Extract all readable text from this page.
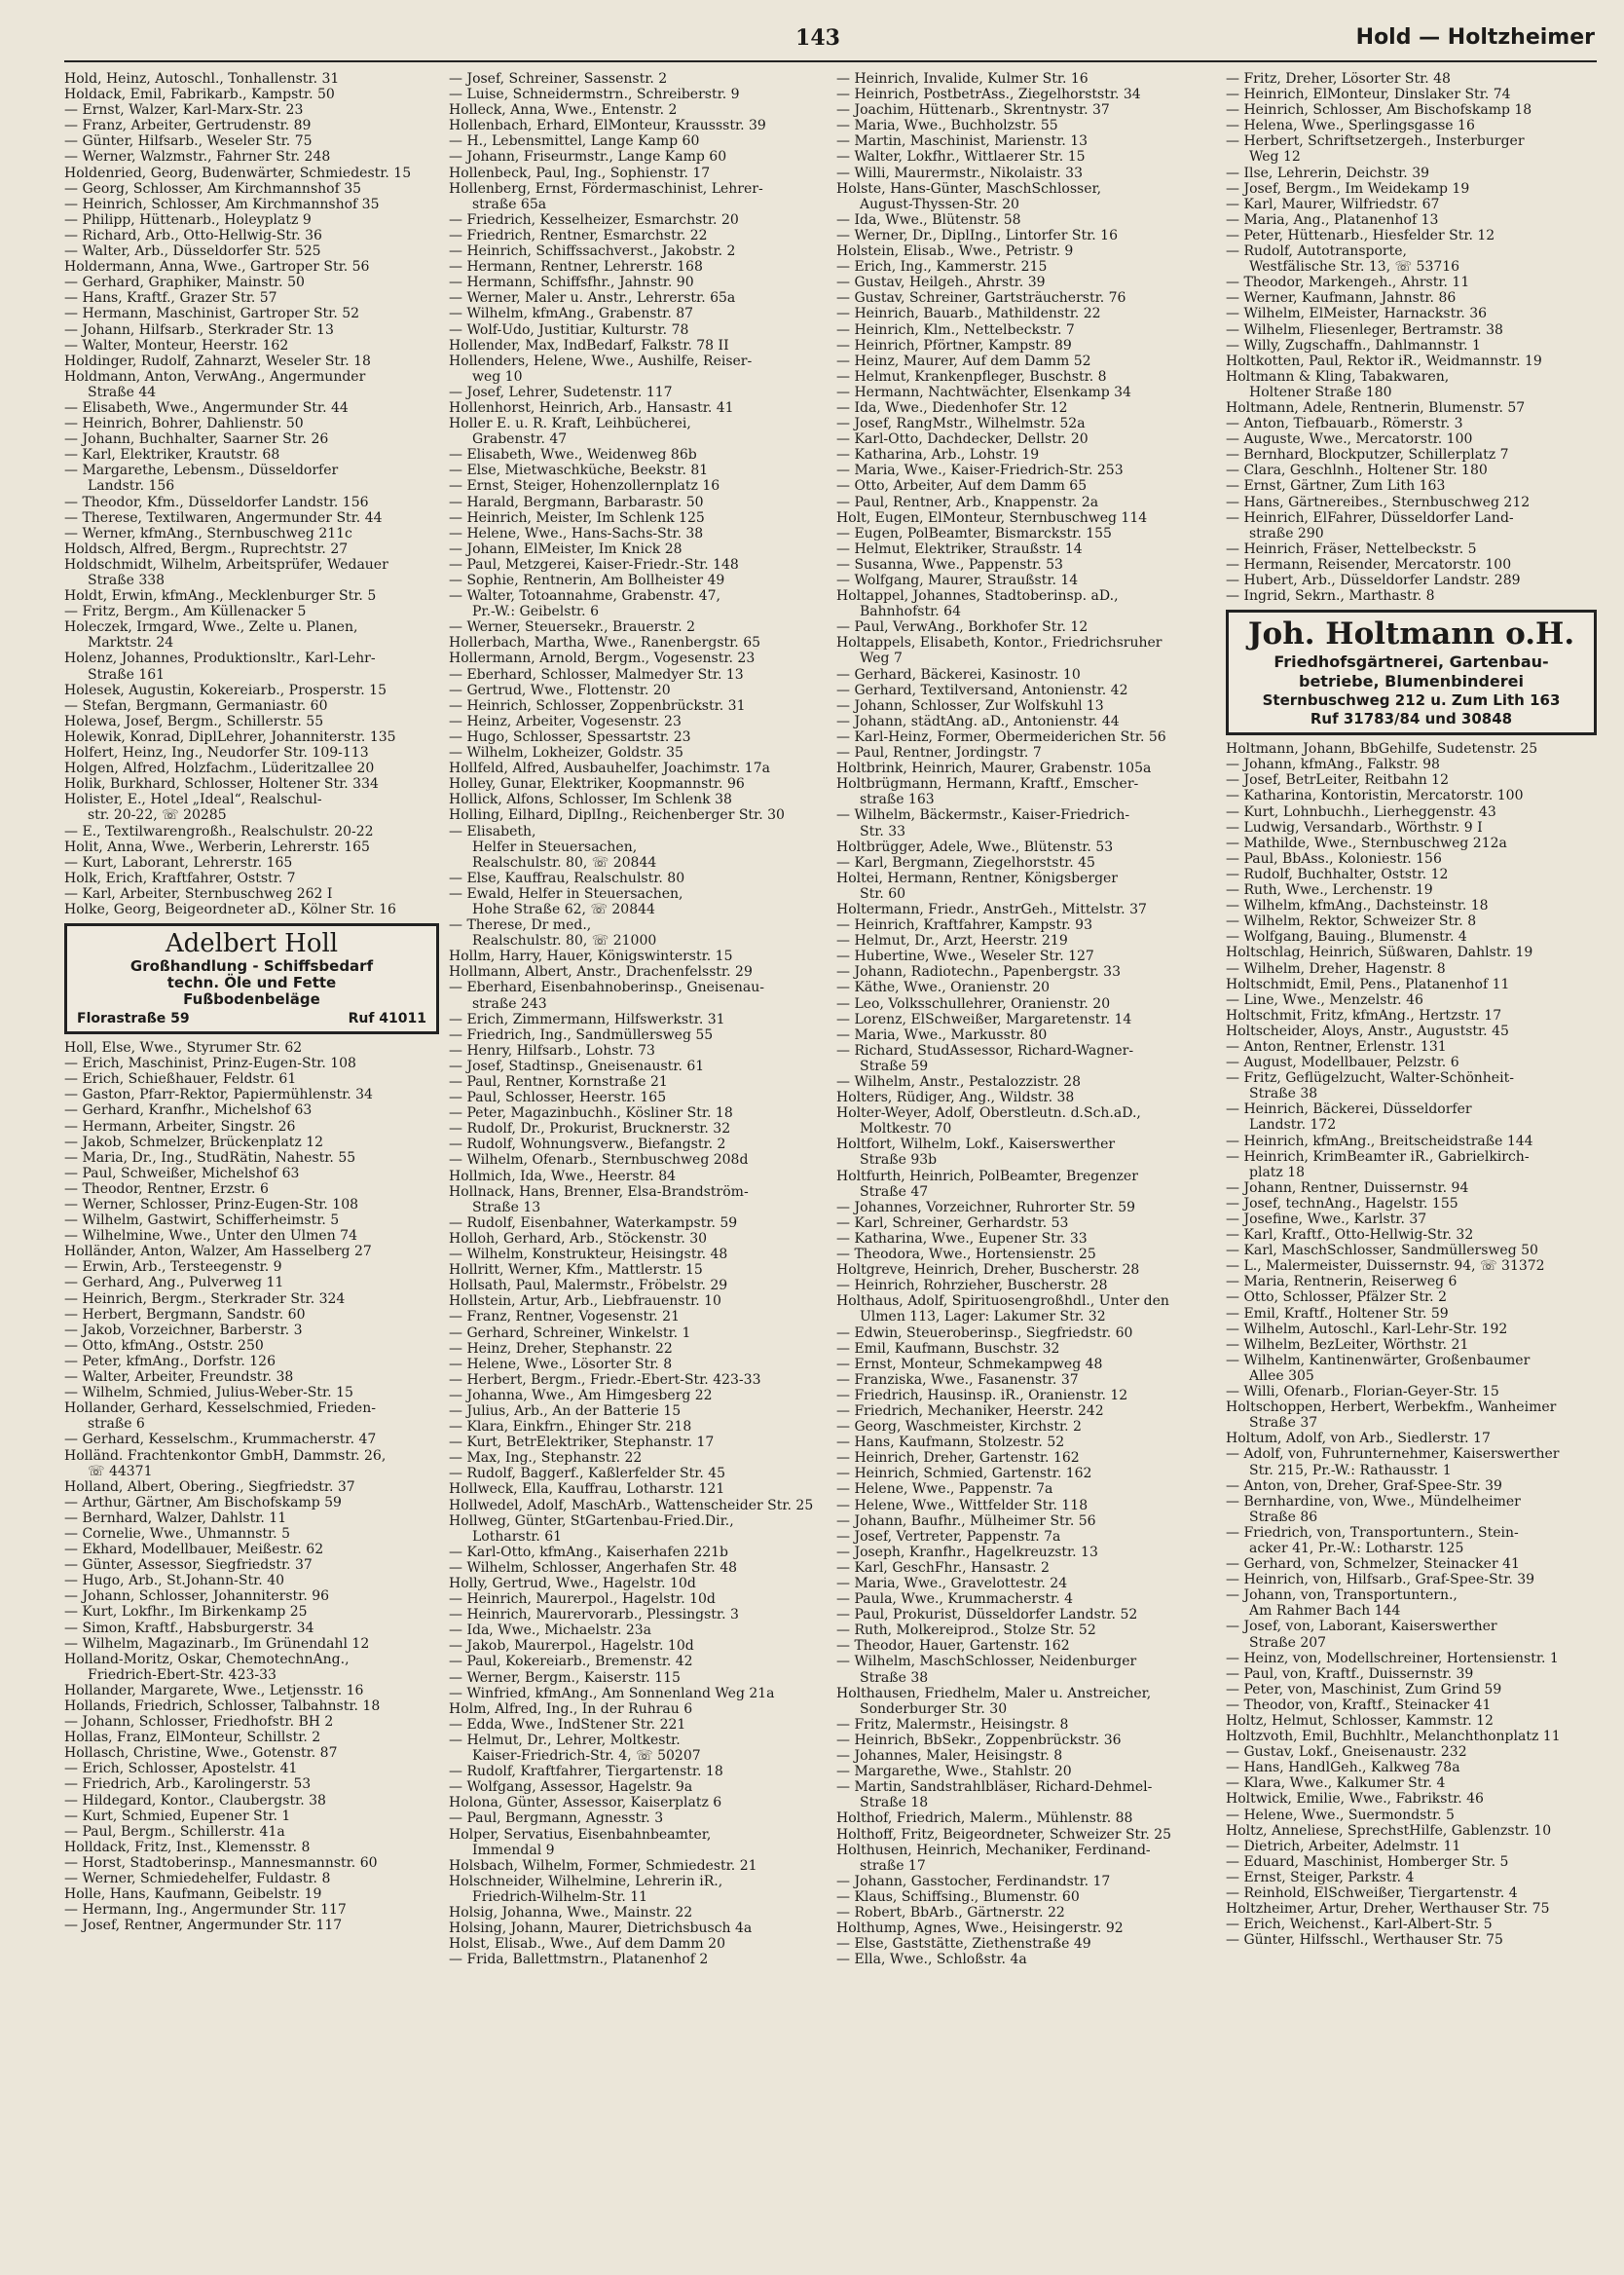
143	Hold — Holtzheimer
Hold, Heinz, Autoschl., Tonhallenstr. 31
Holdack, Emil, Fabrikarb., Kampstr. 50
— Ernst, Walzer, Karl-Marx-Str. 23
— Franz, Arbeiter, Gertrudenstr. 89
— Günter, Hilfsarb., Weseler Str. 75
— Werner, Walzmstr., Fahrner Str. 248
Holdenried, Georg, Budenwärter, Schmiedestr. 15
— Georg, Schlosser, Am Kirchmannshof 35
— Heinrich, Schlosser, Am Kirchmannshof 35
— Philipp, Hüttenarb., Holeyplatz 9
— Richard, Arb., Otto-Hellwig-Str. 36
— Walter, Arb., Düsseldorfer Str. 525
Holdermann, Anna, Wwe., Gartroper Str. 56
— Gerhard, Graphiker, Mainstr. 50
— Hans, Kraftf., Grazer Str. 57
— Hermann, Maschinist, Gartroper Str. 52
— Johann, Hilfsarb., Sterkrader Str. 13
— Walter, Monteur, Heerstr. 162
Holdinger, Rudolf, Zahnarzt, Weseler Str. 18
Holdmann, Anton, VerwAng., Angermunder
Straße 44
— Elisabeth, Wwe., Angermunder Str. 44
— Heinrich, Bohrer, Dahlienstr. 50
— Johann, Buchhalter, Saarner Str. 26
— Karl, Elektriker, Krautstr. 68
— Margarethe, Lebensm., Düsseldorfer
Landstr. 156
— Theodor, Kfm., Düsseldorfer Landstr. 156
— Therese, Textilwaren, Angermunder Str. 44
— Werner, kfmAng., Sternbuschweg 211c
Holdsch, Alfred, Bergm., Ruprechtstr. 27
Holdschmidt, Wilhelm, Arbeitsprüfer, Wedauer
Straße 338
Holdt, Erwin, kfmAng., Mecklenburger Str. 5
— Fritz, Bergm., Am Küllenacker 5
Holeczek, Irmgard, Wwe., Zelte u. Planen,
Marktstr. 24
Holenz, Johannes, Produktionsltr., Karl-Lehr-
Straße 161
Holesek, Augustin, Kokereiarb., Prosperstr. 15
— Stefan, Bergmann, Germaniastr. 60
Holewa, Josef, Bergm., Schillerstr. 55
Holewik, Konrad, DiplLehrer, Johanniterstr. 135
Holfert, Heinz, Ing., Neudorfer Str. 109-113
Holgen, Alfred, Holzfachm., Lüderitzallee 20
Holik, Burkhard, Schlosser, Holtener Str. 334
Holister, E., Hotel „Ideal“, Realschul-
str. 20-22, ☏ 20285
— E., Textilwarengroßh., Realschulstr. 20-22
Holit, Anna, Wwe., Werberin, Lehrerstr. 165
— Kurt, Laborant, Lehrerstr. 165
Holk, Erich, Kraftfahrer, Oststr. 7
— Karl, Arbeiter, Sternbuschweg 262 I
Holke, Georg, Beigeordneter aD., Kölner Str. 16
Adelbert Holl
Großhandlung - Schiffsbedarf
techn. Öle und Fette
Fußbodenbeläge
Florastraße 59	Ruf 41011
Holl, Else, Wwe., Styrumer Str. 62
— Erich, Maschinist, Prinz-Eugen-Str. 108
— Erich, Schießhauer, Feldstr. 61
— Gaston, Pfarr-Rektor, Papiermühlenstr. 34
— Gerhard, Kranfhr., Michelshof 63
— Hermann, Arbeiter, Singstr. 26
— Jakob, Schmelzer, Brückenplatz 12
— Maria, Dr., Ing., StudRätin, Nahestr. 55
— Paul, Schweißer, Michelshof 63
— Theodor, Rentner, Erzstr. 6
— Werner, Schlosser, Prinz-Eugen-Str. 108
— Wilhelm, Gastwirt, Schifferheimstr. 5
— Wilhelmine, Wwe., Unter den Ulmen 74
Holländer, Anton, Walzer, Am Hasselberg 27
— Erwin, Arb., Tersteegenstr. 9
— Gerhard, Ang., Pulverweg 11
— Heinrich, Bergm., Sterkrader Str. 324
— Herbert, Bergmann, Sandstr. 60
— Jakob, Vorzeichner, Barberstr. 3
— Otto, kfmAng., Oststr. 250
— Peter, kfmAng., Dorfstr. 126
— Walter, Arbeiter, Freundstr. 38
— Wilhelm, Schmied, Julius-Weber-Str. 15
Hollander, Gerhard, Kesselschmied, Frieden-
straße 6
— Gerhard, Kesselschm., Krummacherstr. 47
Holländ. Frachtenkontor GmbH, Dammstr. 26,
☏ 44371
Holland, Albert, Obering., Siegfriedstr. 37
— Arthur, Gärtner, Am Bischofskamp 59
— Bernhard, Walzer, Dahlstr. 11
— Cornelie, Wwe., Uhmannstr. 5
— Ekhard, Modellbauer, Meißestr. 62
— Günter, Assessor, Siegfriedstr. 37
— Hugo, Arb., St.Johann-Str. 40
— Johann, Schlosser, Johanniterstr. 96
— Kurt, Lokfhr., Im Birkenkamp 25
— Simon, Kraftf., Habsburgerstr. 34
— Wilhelm, Magazinarb., Im Grünendahl 12
Holland-Moritz, Oskar, ChemotechnAng.,
Friedrich-Ebert-Str. 423-33
Hollander, Margarete, Wwe., Letjensstr. 16
Hollands, Friedrich, Schlosser, Talbahnstr. 18
— Johann, Schlosser, Friedhofstr. BH 2
Hollas, Franz, ElMonteur, Schillstr. 2
Hollasch, Christine, Wwe., Gotenstr. 87
— Erich, Schlosser, Apostelstr. 41
— Friedrich, Arb., Karolingerstr. 53
— Hildegard, Kontor., Claubergstr. 38
— Kurt, Schmied, Eupener Str. 1
— Paul, Bergm., Schillerstr. 41a
Holldack, Fritz, Inst., Klemensstr. 8
— Horst, Stadtoberinsp., Mannesmannstr. 60
— Werner, Schmiedehelfer, Fuldastr. 8
Holle, Hans, Kaufmann, Geibelstr. 19
— Hermann, Ing., Angermunder Str. 117
— Josef, Rentner, Angermunder Str. 117
— Josef, Schreiner, Sassenstr. 2
— Luise, Schneidermstrn., Schreiberstr. 9
Holleck, Anna, Wwe., Entenstr. 2
Hollenbach, Erhard, ElMonteur, Kraussstr. 39
— H., Lebensmittel, Lange Kamp 60
— Johann, Friseurmstr., Lange Kamp 60
Hollenbeck, Paul, Ing., Sophienstr. 17
Hollenberg, Ernst, Fördermaschinist, Lehrer-
straße 65a
— Friedrich, Kesselheizer, Esmarchstr. 20
— Friedrich, Rentner, Esmarchstr. 22
— Heinrich, Schiffssachverst., Jakobstr. 2
— Hermann, Rentner, Lehrerstr. 168
— Hermann, Schiffsfhr., Jahnstr. 90
— Werner, Maler u. Anstr., Lehrerstr. 65a
— Wilhelm, kfmAng., Grabenstr. 87
— Wolf-Udo, Justitiar, Kulturstr. 78
Hollender, Max, IndBedarf, Falkstr. 78 II
Hollenders, Helene, Wwe., Aushilfe, Reiser-
weg 10
— Josef, Lehrer, Sudetenstr. 117
Hollenhorst, Heinrich, Arb., Hansastr. 41
Holler E. u. R. Kraft, Leihbücherei,
Grabenstr. 47
— Elisabeth, Wwe., Weidenweg 86b
— Else, Mietwaschküche, Beekstr. 81
— Ernst, Steiger, Hohenzollernplatz 16
— Harald, Bergmann, Barbarastr. 50
— Heinrich, Meister, Im Schlenk 125
— Helene, Wwe., Hans-Sachs-Str. 38
— Johann, ElMeister, Im Knick 28
— Paul, Metzgerei, Kaiser-Friedr.-Str. 148
— Sophie, Rentnerin, Am Bollheister 49
— Walter, Totoannahme, Grabenstr. 47,
Pr.-W.: Geibelstr. 6
— Werner, Steuersekr., Brauerstr. 2
Hollerbach, Martha, Wwe., Ranenbergstr. 65
Hollermann, Arnold, Bergm., Vogesenstr. 23
— Eberhard, Schlosser, Malmedyer Str. 13
— Gertrud, Wwe., Flottenstr. 20
— Heinrich, Schlosser, Zoppenbrückstr. 31
— Heinz, Arbeiter, Vogesenstr. 23
— Hugo, Schlosser, Spessartstr. 23
— Wilhelm, Lokheizer, Goldstr. 35
Hollfeld, Alfred, Ausbauhelfer, Joachimstr. 17a
Holley, Gunar, Elektriker, Koopmannstr. 96
Hollick, Alfons, Schlosser, Im Schlenk 38
Holling, Eilhard, DiplIng., Reichenberger Str. 30
— Elisabeth,
Helfer in Steuersachen,
Realschulstr. 80, ☏ 20844
— Else, Kauffrau, Realschulstr. 80
— Ewald, Helfer in Steuersachen,
Hohe Straße 62, ☏ 20844
— Therese, Dr med.,
Realschulstr. 80, ☏ 21000
Hollm, Harry, Hauer, Königswinterstr. 15
Hollmann, Albert, Anstr., Drachenfelsstr. 29
— Eberhard, Eisenbahnoberinsp., Gneisenau-
straße 243
— Erich, Zimmermann, Hilfswerkstr. 31
— Friedrich, Ing., Sandmüllersweg 55
— Henry, Hilfsarb., Lohstr. 73
— Josef, Stadtinsp., Gneisenaustr. 61
— Paul, Rentner, Kornstraße 21
— Paul, Schlosser, Heerstr. 165
— Peter, Magazinbuchh., Kösliner Str. 18
— Rudolf, Dr., Prokurist, Brucknerstr. 32
— Rudolf, Wohnungsverw., Biefangstr. 2
— Wilhelm, Ofenarb., Sternbuschweg 208d
Hollmich, Ida, Wwe., Heerstr. 84
Hollnack, Hans, Brenner, Elsa-Brandström-
Straße 13
— Rudolf, Eisenbahner, Waterkampstr. 59
Holloh, Gerhard, Arb., Stöckenstr. 30
— Wilhelm, Konstrukteur, Heisingstr. 48
Hollritt, Werner, Kfm., Mattlerstr. 15
Hollsath, Paul, Malermstr., Fröbelstr. 29
Hollstein, Artur, Arb., Liebfrauenstr. 10
— Franz, Rentner, Vogesenstr. 21
— Gerhard, Schreiner, Winkelstr. 1
— Heinz, Dreher, Stephanstr. 22
— Helene, Wwe., Lösorter Str. 8
— Herbert, Bergm., Friedr.-Ebert-Str. 423-33
— Johanna, Wwe., Am Himgesberg 22
— Julius, Arb., An der Batterie 15
— Klara, Einkfrn., Ehinger Str. 218
— Kurt, BetrElektriker, Stephanstr. 17
— Max, Ing., Stephanstr. 22
— Rudolf, Baggerf., Kaßlerfelder Str. 45
Hollweck, Ella, Kauffrau, Lotharstr. 121
Hollwedel, Adolf, MaschArb., Wattenscheider Str. 25
Hollweg, Günter, StGartenbau-Fried.Dir.,
Lotharstr. 61
— Karl-Otto, kfmAng., Kaiserhafen 221b
— Wilhelm, Schlosser, Angerhafen Str. 48
Holly, Gertrud, Wwe., Hagelstr. 10d
— Heinrich, Maurerpol., Hagelstr. 10d
— Heinrich, Maurervorarb., Plessingstr. 3
— Ida, Wwe., Michaelstr. 23a
— Jakob, Maurerpol., Hagelstr. 10d
— Paul, Kokereiarb., Bremenstr. 42
— Werner, Bergm., Kaiserstr. 115
— Winfried, kfmAng., Am Sonnenland Weg 21a
Holm, Alfred, Ing., In der Ruhrau 6
— Edda, Wwe., IndStener Str. 221
— Helmut, Dr., Lehrer, Moltkestr.
Kaiser-Friedrich-Str. 4, ☏ 50207
— Rudolf, Kraftfahrer, Tiergartenstr. 18
— Wolfgang, Assessor, Hagelstr. 9a
Holona, Günter, Assessor, Kaiserplatz 6
— Paul, Bergmann, Agnesstr. 3
Holper, Servatius, Eisenbahnbeamter,
Immendal 9
Holsbach, Wilhelm, Former, Schmiedestr. 21
Holschneider, Wilhelmine, Lehrerin iR.,
Friedrich-Wilhelm-Str. 11
Holsig, Johanna, Wwe., Mainstr. 22
Holsing, Johann, Maurer, Dietrichsbusch 4a
Holst, Elisab., Wwe., Auf dem Damm 20
— Frida, Ballettmstrn., Platanenhof 2
— Heinrich, Invalide, Kulmer Str. 16
— Heinrich, PostbetrAss., Ziegelhorststr. 34
— Joachim, Hüttenarb., Skrentnystr. 37
— Maria, Wwe., Buchholzstr. 55
— Martin, Maschinist, Marienstr. 13
— Walter, Lokfhr., Wittlaerer Str. 15
— Willi, Maurermstr., Nikolaistr. 33
Holste, Hans-Günter, MaschSchlosser,
August-Thyssen-Str. 20
— Ida, Wwe., Blütenstr. 58
— Werner, Dr., DiplIng., Lintorfer Str. 16
Holstein, Elisab., Wwe., Petristr. 9
— Erich, Ing., Kammerstr. 215
— Gustav, Heilgeh., Ahrstr. 39
— Gustav, Schreiner, Gartsträucherstr. 76
— Heinrich, Bauarb., Mathildenstr. 22
— Heinrich, Klm., Nettelbeckstr. 7
— Heinrich, Pförtner, Kampstr. 89
— Heinz, Maurer, Auf dem Damm 52
— Helmut, Krankenpfleger, Buschstr. 8
— Hermann, Nachtwächter, Elsenkamp 34
— Ida, Wwe., Diedenhofer Str. 12
— Josef, RangMstr., Wilhelmstr. 52a
— Karl-Otto, Dachdecker, Dellstr. 20
— Katharina, Arb., Lohstr. 19
— Maria, Wwe., Kaiser-Friedrich-Str. 253
— Otto, Arbeiter, Auf dem Damm 65
— Paul, Rentner, Arb., Knappenstr. 2a
Holt, Eugen, ElMonteur, Sternbuschweg 114
— Eugen, PolBeamter, Bismarckstr. 155
— Helmut, Elektriker, Straußstr. 14
— Susanna, Wwe., Pappenstr. 53
— Wolfgang, Maurer, Straußstr. 14
Holtappel, Johannes, Stadtoberinsp. aD.,
Bahnhofstr. 64
— Paul, VerwAng., Borkhofer Str. 12
Holtappels, Elisabeth, Kontor., Friedrichsruher
Weg 7
— Gerhard, Bäckerei, Kasinostr. 10
— Gerhard, Textilversand, Antonienstr. 42
— Johann, Schlosser, Zur Wolfskuhl 13
— Johann, städtAng. aD., Antonienstr. 44
— Karl-Heinz, Former, Obermeiderichen Str. 56
— Paul, Rentner, Jordingstr. 7
Holtbrink, Heinrich, Maurer, Grabenstr. 105a
Holtbrügmann, Hermann, Kraftf., Emscher-
straße 163
— Wilhelm, Bäckermstr., Kaiser-Friedrich-
Str. 33
Holtbrügger, Adele, Wwe., Blütenstr. 53
— Karl, Bergmann, Ziegelhorststr. 45
Holtei, Hermann, Rentner, Königsberger
Str. 60
Holtermann, Friedr., AnstrGeh., Mittelstr. 37
— Heinrich, Kraftfahrer, Kampstr. 93
— Helmut, Dr., Arzt, Heerstr. 219
— Hubertine, Wwe., Weseler Str. 127
— Johann, Radiotechn., Papenbergstr. 33
— Käthe, Wwe., Oranienstr. 20
— Leo, Volksschullehrer, Oranienstr. 20
— Lorenz, ElSchweißer, Margaretenstr. 14
— Maria, Wwe., Markusstr. 80
— Richard, StudAssessor, Richard-Wagner-
Straße 59
— Wilhelm, Anstr., Pestalozzistr. 28
Holters, Rüdiger, Ang., Wildstr. 38
Holter-Weyer, Adolf, Oberstleutn. d.Sch.aD.,
Moltkestr. 70
Holtfort, Wilhelm, Lokf., Kaiserswerther
Straße 93b
Holtfurth, Heinrich, PolBeamter, Bregenzer
Straße 47
— Johannes, Vorzeichner, Ruhrorter Str. 59
— Karl, Schreiner, Gerhardstr. 53
— Katharina, Wwe., Eupener Str. 33
— Theodora, Wwe., Hortensienstr. 25
Holtgreve, Heinrich, Dreher, Buscherstr. 28
— Heinrich, Rohrzieher, Buscherstr. 28
Holthaus, Adolf, Spirituosengroßhdl., Unter den
Ulmen 113, Lager: Lakumer Str. 32
— Edwin, Steueroberinsp., Siegfriedstr. 60
— Emil, Kaufmann, Buschstr. 32
— Ernst, Monteur, Schmekampweg 48
— Franziska, Wwe., Fasanenstr. 37
— Friedrich, Hausinsp. iR., Oranienstr. 12
— Friedrich, Mechaniker, Heerstr. 242
— Georg, Waschmeister, Kirchstr. 2
— Hans, Kaufmann, Stolzestr. 52
— Heinrich, Dreher, Gartenstr. 162
— Heinrich, Schmied, Gartenstr. 162
— Helene, Wwe., Pappenstr. 7a
— Helene, Wwe., Wittfelder Str. 118
— Johann, Baufhr., Mülheimer Str. 56
— Josef, Vertreter, Pappenstr. 7a
— Joseph, Kranfhr., Hagelkreuzstr. 13
— Karl, GeschFhr., Hansastr. 2
— Maria, Wwe., Gravelottestr. 24
— Paula, Wwe., Krummacherstr. 4
— Paul, Prokurist, Düsseldorfer Landstr. 52
— Ruth, Molkereiprod., Stolze Str. 52
— Theodor, Hauer, Gartenstr. 162
— Wilhelm, MaschSchlosser, Neidenburger
Straße 38
Holthausen, Friedhelm, Maler u. Anstreicher,
Sonderburger Str. 30
— Fritz, Malermstr., Heisingstr. 8
— Heinrich, BbSekr., Zoppenbrückstr. 36
— Johannes, Maler, Heisingstr. 8
— Margarethe, Wwe., Stahlstr. 20
— Martin, Sandstrahlbläser, Richard-Dehmel-
Straße 18
Holthof, Friedrich, Malerm., Mühlenstr. 88
Holthoff, Fritz, Beigeordneter, Schweizer Str. 25
Holthusen, Heinrich, Mechaniker, Ferdinand-
straße 17
— Johann, Gasstocher, Ferdinandstr. 17
— Klaus, Schiffsing., Blumenstr. 60
— Robert, BbArb., Gärtnerstr. 22
Holthump, Agnes, Wwe., Heisingerstr. 92
— Else, Gaststätte, Ziethenstraße 49
— Ella, Wwe., Schloßstr. 4a
— Fritz, Dreher, Lösorter Str. 48
— Heinrich, ElMonteur, Dinslaker Str. 74
— Heinrich, Schlosser, Am Bischofskamp 18
— Helena, Wwe., Sperlingsgasse 16
— Herbert, Schriftsetzergeh., Insterburger
Weg 12
— Ilse, Lehrerin, Deichstr. 39
— Josef, Bergm., Im Weidekamp 19
— Karl, Maurer, Wilfriedstr. 67
— Maria, Ang., Platanenhof 13
— Peter, Hüttenarb., Hiesfelder Str. 12
— Rudolf, Autotransporte,
Westfälische Str. 13, ☏ 53716
— Theodor, Markengeh., Ahrstr. 11
— Werner, Kaufmann, Jahnstr. 86
— Wilhelm, ElMeister, Harnackstr. 36
— Wilhelm, Fliesenleger, Bertramstr. 38
— Willy, Zugschaffn., Dahlmannstr. 1
Holtkotten, Paul, Rektor iR., Weidmannstr. 19
Holtmann & Kling, Tabakwaren,
Holtener Straße 180
Holtmann, Adele, Rentnerin, Blumenstr. 57
— Anton, Tiefbauarb., Römerstr. 3
— Auguste, Wwe., Mercatorstr. 100
— Bernhard, Blockputzer, Schillerplatz 7
— Clara, Geschlnh., Holtener Str. 180
— Ernst, Gärtner, Zum Lith 163
— Hans, Gärtnereibes., Sternbuschweg 212
— Heinrich, ElFahrer, Düsseldorfer Land-
straße 290
— Heinrich, Fräser, Nettelbeckstr. 5
— Hermann, Reisender, Mercatorstr. 100
— Hubert, Arb., Düsseldorfer Landstr. 289
— Ingrid, Sekrn., Marthastr. 8
Joh. Holtmann o.H.
Friedhofsgärtnerei, Gartenbau-
betriebe, Blumenbinderei
Sternbuschweg 212 u. Zum Lith 163
Ruf 31783/84 und 30848
Holtmann, Johann, BbGehilfe, Sudetenstr. 25
— Johann, kfmAng., Falkstr. 98
— Josef, BetrLeiter, Reitbahn 12
— Katharina, Kontoristin, Mercatorstr. 100
— Kurt, Lohnbuchh., Lierheggenstr. 43
— Ludwig, Versandarb., Wörthstr. 9 I
— Mathilde, Wwe., Sternbuschweg 212a
— Paul, BbAss., Koloniestr. 156
— Rudolf, Buchhalter, Oststr. 12
— Ruth, Wwe., Lerchenstr. 19
— Wilhelm, kfmAng., Dachsteinstr. 18
— Wilhelm, Rektor, Schweizer Str. 8
— Wolfgang, Bauing., Blumenstr. 4
Holtschlag, Heinrich, Süßwaren, Dahlstr. 19
— Wilhelm, Dreher, Hagenstr. 8
Holtschmidt, Emil, Pens., Platanenhof 11
— Line, Wwe., Menzelstr. 46
Holtschmit, Fritz, kfmAng., Hertzstr. 17
Holtscheider, Aloys, Anstr., Auguststr. 45
— Anton, Rentner, Erlenstr. 131
— August, Modellbauer, Pelzstr. 6
— Fritz, Geflügelzucht, Walter-Schönheit-
Straße 38
— Heinrich, Bäckerei, Düsseldorfer
Landstr. 172
— Heinrich, kfmAng., Breitscheidstraße 144
— Heinrich, KrimBeamter iR., Gabrielkirch-
platz 18
— Johann, Rentner, Duissernstr. 94
— Josef, technAng., Hagelstr. 155
— Josefine, Wwe., Karlstr. 37
— Karl, Kraftf., Otto-Hellwig-Str. 32
— Karl, MaschSchlosser, Sandmüllersweg 50
— L., Malermeister, Duissernstr. 94, ☏ 31372
— Maria, Rentnerin, Reiserweg 6
— Otto, Schlosser, Pfälzer Str. 2
— Emil, Kraftf., Holtener Str. 59
— Wilhelm, Autoschl., Karl-Lehr-Str. 192
— Wilhelm, BezLeiter, Wörthstr. 21
— Wilhelm, Kantinenwärter, Großenbaumer
Allee 305
— Willi, Ofenarb., Florian-Geyer-Str. 15
Holtschoppen, Herbert, Werbekfm., Wanheimer
Straße 37
Holtum, Adolf, von Arb., Siedlerstr. 17
— Adolf, von, Fuhrunternehmer, Kaiserswerther
Str. 215, Pr.-W.: Rathausstr. 1
— Anton, von, Dreher, Graf-Spee-Str. 39
— Bernhardine, von, Wwe., Mündelheimer
Straße 86
— Friedrich, von, Transportuntern., Stein-
acker 41, Pr.-W.: Lotharstr. 125
— Gerhard, von, Schmelzer, Steinacker 41
— Heinrich, von, Hilfsarb., Graf-Spee-Str. 39
— Johann, von, Transportuntern.,
Am Rahmer Bach 144
— Josef, von, Laborant, Kaiserswerther
Straße 207
— Heinz, von, Modellschreiner, Hortensienstr. 1
— Paul, von, Kraftf., Duissernstr. 39
— Peter, von, Maschinist, Zum Grind 59
— Theodor, von, Kraftf., Steinacker 41
Holtz, Helmut, Schlosser, Kammstr. 12
Holtzvoth, Emil, Buchhltr., Melanchthonplatz 11
— Gustav, Lokf., Gneisenaustr. 232
— Hans, HandlGeh., Kalkweg 78a
— Klara, Wwe., Kalkumer Str. 4
Holtwick, Emilie, Wwe., Fabrikstr. 46
— Helene, Wwe., Suermondstr. 5
Holtz, Anneliese, SprechstHilfe, Gablenzstr. 10
— Dietrich, Arbeiter, Adelmstr. 11
— Eduard, Maschinist, Homberger Str. 5
— Ernst, Steiger, Parkstr. 4
— Reinhold, ElSchweißer, Tiergartenstr. 4
Holtzheimer, Artur, Dreher, Werthauser Str. 75
— Erich, Weichenst., Karl-Albert-Str. 5
— Günter, Hilfsschl., Werthauser Str. 75
